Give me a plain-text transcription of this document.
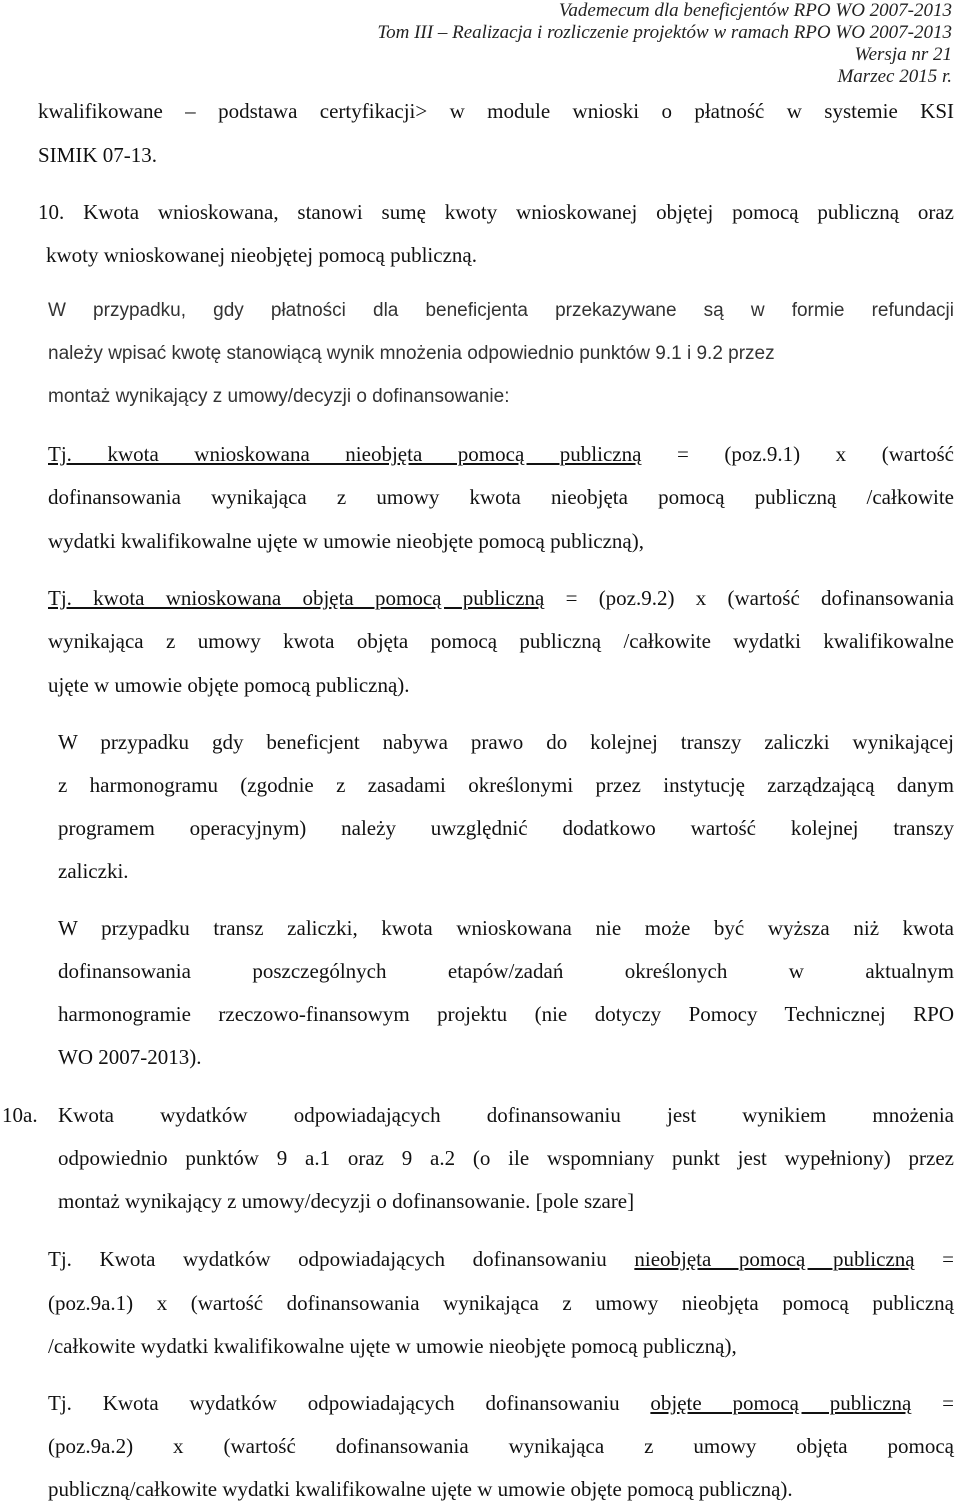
Vademecum dla beneficjentów RPO WO 2007-2013
Tom III – Realizacja i rozliczenie projektów w ramach RPO WO 2007-2013
Wersja nr 21
Marzec 2015 r.
kwalifikowane – podstawa certyfikacji> w module wnioski o płatność w systemie KSI
SIMIK 07-13.
10. Kwota wnioskowana, stanowi sumę kwoty wnioskowanej objętej pomocą publiczną oraz
kwoty wnioskowanej nieobjętej pomocą publiczną.
W przypadku, gdy płatności dla beneficjenta przekazywane są w formie refundacji
należy wpisać kwotę stanowiącą wynik mnożenia odpowiednio punktów 9.1 i 9.2 przez
montaż wynikający z umowy/decyzji o dofinansowanie:
Tj. kwota wnioskowana nieobjęta pomocą publiczną = (poz.9.1) x (wartość
dofinansowania wynikająca z umowy kwota nieobjęta pomocą publiczną /całkowite
wydatki kwalifikowalne ujęte w umowie nieobjęte pomocą publiczną),
Tj. kwota wnioskowana objęta pomocą publiczną = (poz.9.2) x (wartość dofinansowania
wynikająca z umowy kwota objęta pomocą publiczną /całkowite wydatki kwalifikowalne
ujęte w umowie objęte pomocą publiczną).
W przypadku gdy beneficjent nabywa prawo do kolejnej transzy zaliczki wynikającej
z harmonogramu (zgodnie z zasadami określonymi przez instytucję zarządzającą danym
programem operacyjnym) należy uwzględnić dodatkowo wartość kolejnej transzy
zaliczki.
W przypadku transz zaliczki, kwota wnioskowana nie może być wyższa niż kwota
dofinansowania poszczególnych etapów/zadań określonych w aktualnym
harmonogramie rzeczowo-finansowym projektu (nie dotyczy Pomocy Technicznej RPO
WO 2007-2013).
10a. Kwota wydatków odpowiadających dofinansowaniu jest wynikiem mnożenia
odpowiednio punktów 9 a.1 oraz 9 a.2 (o ile wspomniany punkt jest wypełniony) przez
montaż wynikający z umowy/decyzji o dofinansowanie. [pole szare]
Tj. Kwota wydatków odpowiadających dofinansowaniu nieobjęta pomocą publiczną =
(poz.9a.1) x (wartość dofinansowania wynikająca z umowy nieobjęta pomocą publiczną
/całkowite wydatki kwalifikowalne ujęte w umowie nieobjęte pomocą publiczną),
Tj. Kwota wydatków odpowiadających dofinansowaniu objęte pomocą publiczną =
(poz.9a.2) x (wartość dofinansowania wynikająca z umowy objęta pomocą
publiczną/całkowite wydatki kwalifikowalne ujęte w umowie objęte pomocą publiczną).
